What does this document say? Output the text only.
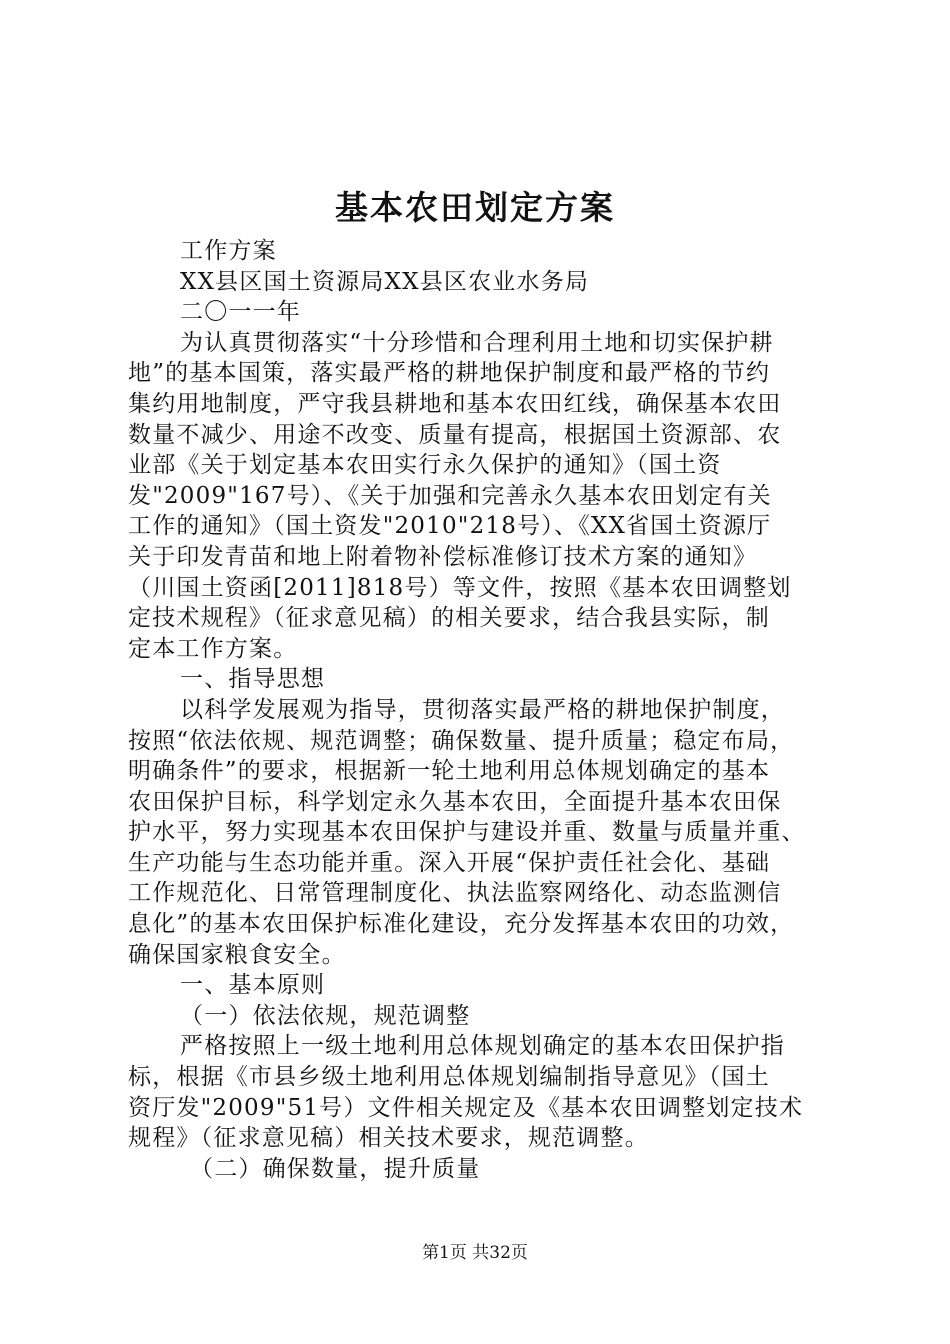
基本农田划定方案

工作方案

XX县区国土资源局XX县区农业水务局

二〇一一年

为认真贯彻落实“十分珍惜和合理利用土地和切实保护耕

地”的基本国策，落实最严格的耕地保护制度和最严格的节约

集约用地制度，严守我县耕地和基本农田红线，确保基本农田

数量不减少、用途不改变、质量有提高，根据国土资源部、农

业部《关于划定基本农田实行永久保护的通知》（国土资

发"2009"167号）、《关于加强和完善永久基本农田划定有关

工作的通知》（国土资发"2010"218号）、《XX省国土资源厅

关于印发青苗和地上附着物补偿标准修订技术方案的通知》

（川国土资函[2011]818号）等文件，按照《基本农田调整划

定技术规程》（征求意见稿）的相关要求，结合我县实际，制

定本工作方案。

一、指导思想

以科学发展观为指导，贯彻落实最严格的耕地保护制度，

按照“依法依规、规范调整；确保数量、提升质量；稳定布局，

明确条件”的要求，根据新一轮土地利用总体规划确定的基本

农田保护目标，科学划定永久基本农田，全面提升基本农田保

护水平，努力实现基本农田保护与建设并重、数量与质量并重、

生产功能与生态功能并重。深入开展“保护责任社会化、基础

工作规范化、日常管理制度化、执法监察网络化、动态监测信

息化”的基本农田保护标准化建设，充分发挥基本农田的功效，

确保国家粮食安全。

一、基本原则

（一）依法依规，规范调整

严格按照上一级土地利用总体规划确定的基本农田保护指

标，根据《市县乡级土地利用总体规划编制指导意见》（国土

资厅发"2009"51号）文件相关规定及《基本农田调整划定技术

规程》（征求意见稿）相关技术要求，规范调整。

（二）确保数量，提升质量

第1页 共32页
